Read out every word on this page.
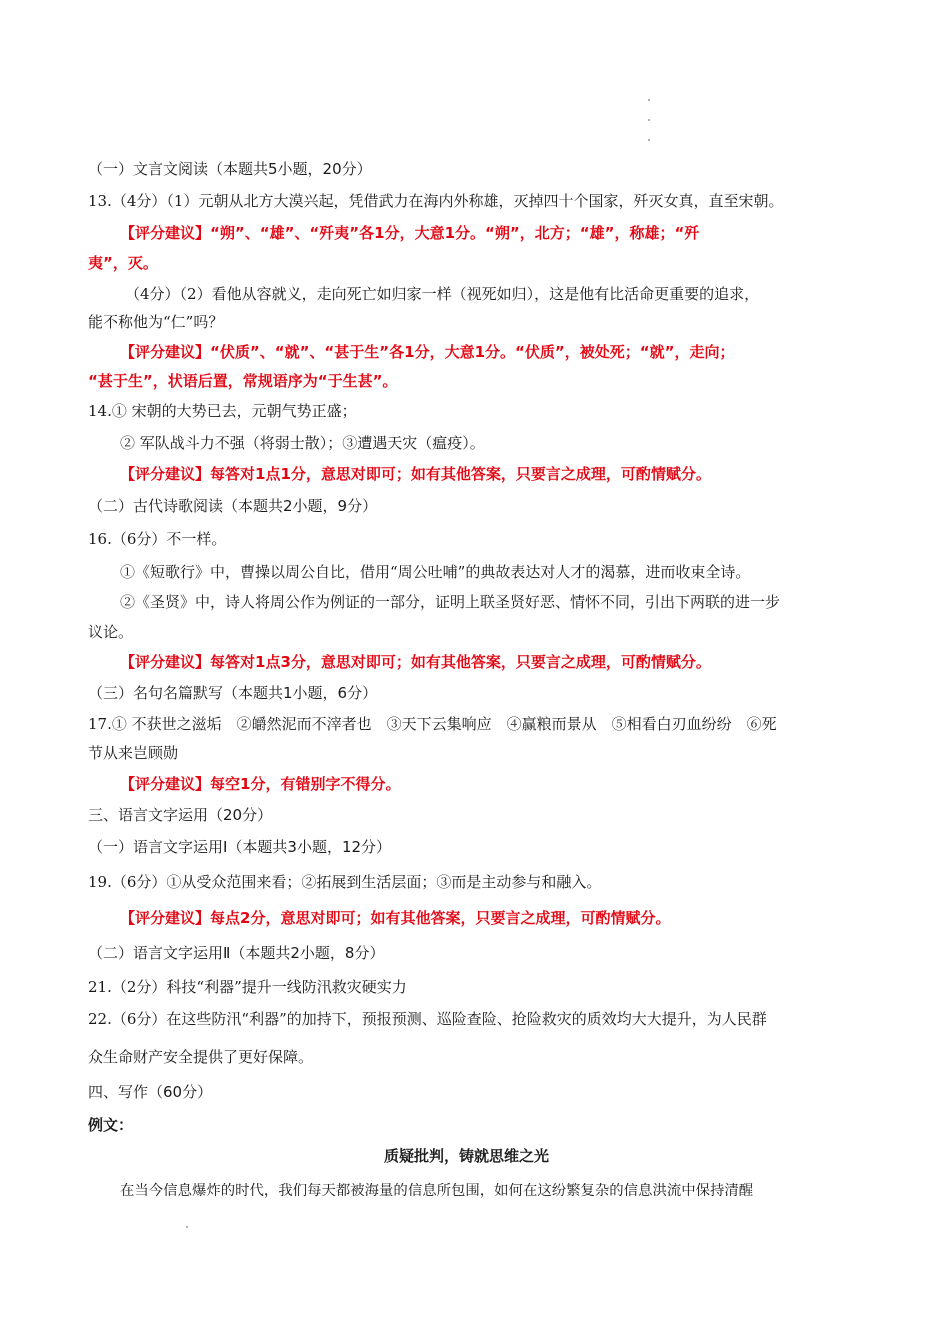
（一）文言文阅读（本题共5小题，20分）
13.（4分）（1）元朝从北方大漠兴起，凭借武力在海内外称雄，灭掉四十个国家，歼灭女真，直至宋朝。
【评分建议】“朔”、“雄”、“歼夷”各1分，大意1分。“朔”，北方；“雄”，称雄；“歼
夷”，灭。
（4分）（2）看他从容就义，走向死亡如归家一样（视死如归），这是他有比活命更重要的追求，
能不称他为“仁”吗？
【评分建议】“伏质”、“就”、“甚于生”各1分，大意1分。“伏质”，被处死；“就”，走向；
“甚于生”，状语后置，常规语序为“于生甚”。
14.① 宋朝的大势已去，元朝气势正盛；
② 军队战斗力不强（将弱士散）；③遭遇天灾（瘟疫）。
【评分建议】每答对1点1分，意思对即可；如有其他答案，只要言之成理，可酌情赋分。
（二）古代诗歌阅读（本题共2小题，9分）
16.（6分）不一样。
①《短歌行》中，曹操以周公自比，借用“周公吐哺”的典故表达对人才的渴慕，进而收束全诗。
②《圣贤》中，诗人将周公作为例证的一部分，证明上联圣贤好恶、情怀不同，引出下两联的进一步
议论。
【评分建议】每答对1点3分，意思对即可；如有其他答案，只要言之成理，可酌情赋分。
（三）名句名篇默写（本题共1小题，6分）
17.① 不获世之滋垢　②皭然泥而不滓者也　③天下云集响应　④赢粮而景从　⑤相看白刃血纷纷　⑥死
节从来岂顾勋
【评分建议】每空1分，有错别字不得分。
三、语言文字运用（20分）
（一）语言文字运用Ⅰ（本题共3小题，12分）
19.（6分）①从受众范围来看；②拓展到生活层面；③而是主动参与和融入。
【评分建议】每点2分，意思对即可；如有其他答案，只要言之成理，可酌情赋分。
（二）语言文字运用Ⅱ（本题共2小题，8分）
21.（2分）科技“利器”提升一线防汛救灾硬实力
22.（6分）在这些防汛“利器”的加持下，预报预测、巡险查险、抢险救灾的质效均大大提升，为人民群
众生命财产安全提供了更好保障。
四、写作（60分）
例文：
质疑批判，铸就思维之光
在当今信息爆炸的时代，我们每天都被海量的信息所包围，如何在这纷繁复杂的信息洪流中保持清醒
